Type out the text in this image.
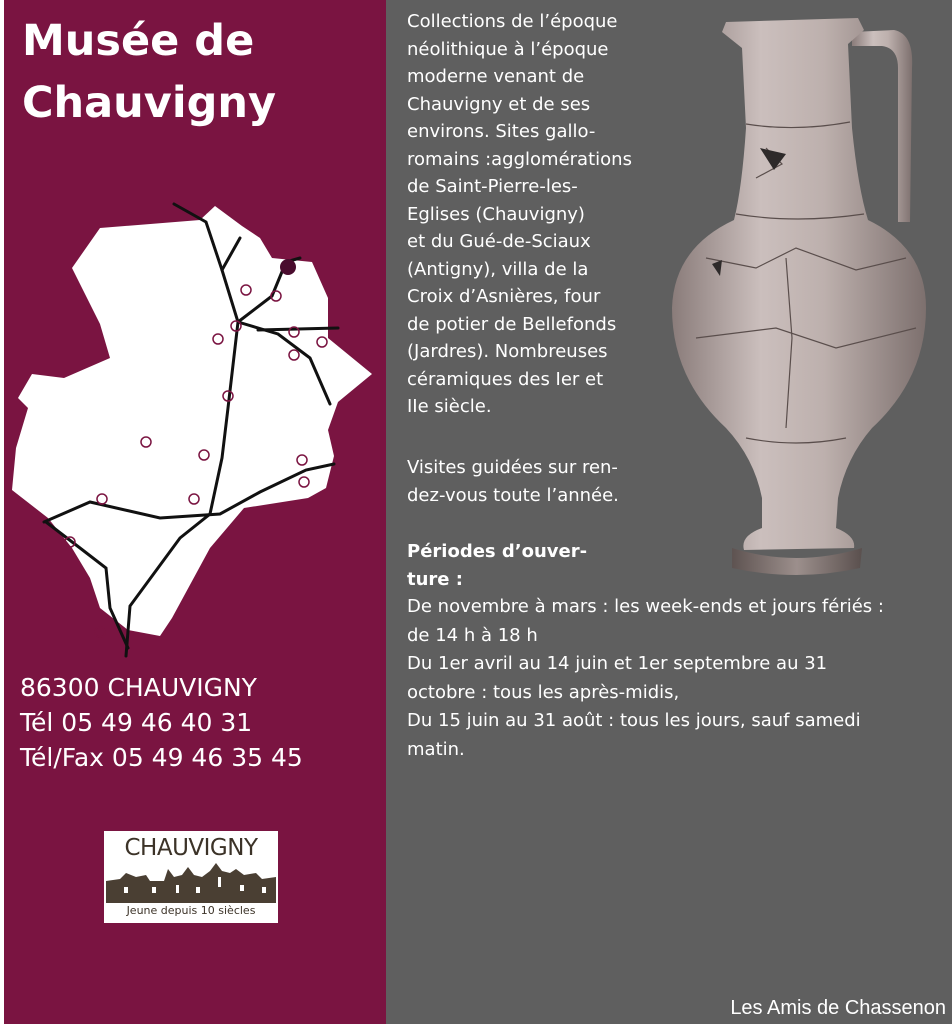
Musée de
Chauvigny
86300 CHAUVIGNY
Tél 05 49 46 40 31
Tél/Fax 05 49 46 35 45
CHAUVIGNY
Jeune depuis 10 siècles

Collections de l’époque
néolithique à l’époque
moderne venant de
Chauvigny et de ses
environs. Sites gallo-
romains :agglomérations
de Saint-Pierre-les-
Eglises (Chauvigny)
et du Gué-de-Sciaux
(Antigny), villa de la
Croix d’Asnières, four
de potier de Bellefonds
(Jardres). Nombreuses
céramiques des Ier et
IIe siècle.

Visites guidées sur ren-
dez-vous toute l’année.

Périodes d’ouver-
ture :

De novembre à mars : les week-ends et jours fériés :
de 14 h à 18 h
Du 1er avril au 14 juin et 1er septembre au 31
octobre : tous les après-midis,
Du 15 juin au 31 août : tous les jours, sauf samedi
matin.
Les Amis de Chassenon
